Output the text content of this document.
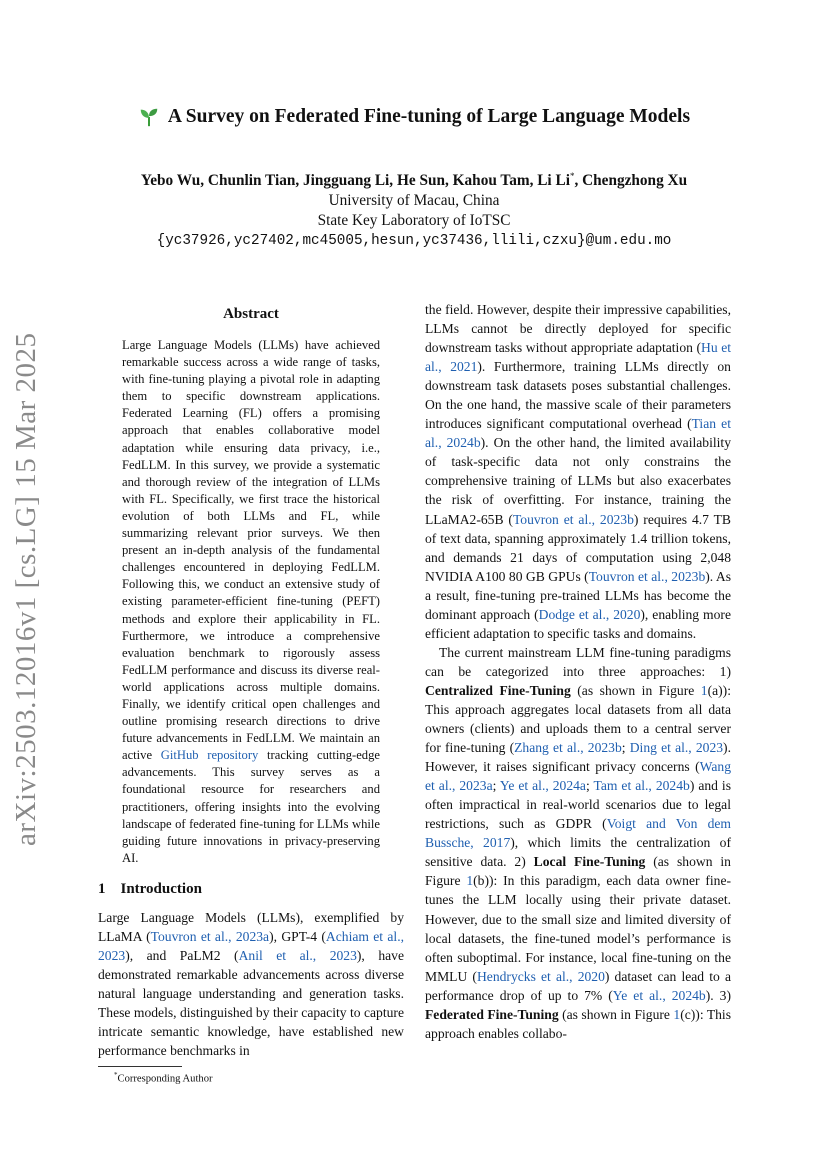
arXiv:2503.12016v1 [cs.LG] 15 Mar 2025
A Survey on Federated Fine-tuning of Large Language Models
Yebo Wu, Chunlin Tian, Jingguang Li, He Sun, Kahou Tam, Li Li*, Chengzhong Xu
University of Macau, China
State Key Laboratory of IoTSC
{yc37926,yc27402,mc45005,hesun,yc37436,llili,czxu}@um.edu.mo
Abstract
Large Language Models (LLMs) have achieved remarkable success across a wide range of tasks, with fine-tuning playing a pivotal role in adapting them to specific downstream applications. Federated Learning (FL) offers a promising approach that enables collaborative model adaptation while ensuring data privacy, i.e., FedLLM. In this survey, we provide a systematic and thorough review of the integration of LLMs with FL. Specifically, we first trace the historical evolution of both LLMs and FL, while summarizing relevant prior surveys. We then present an in-depth analysis of the fundamental challenges encountered in deploying FedLLM. Following this, we conduct an extensive study of existing parameter-efficient fine-tuning (PEFT) methods and explore their applicability in FL. Furthermore, we introduce a comprehensive evaluation benchmark to rigorously assess FedLLM performance and discuss its diverse real-world applications across multiple domains. Finally, we identify critical open challenges and outline promising research directions to drive future advancements in FedLLM. We maintain an active GitHub repository tracking cutting-edge advancements. This survey serves as a foundational resource for researchers and practitioners, offering insights into the evolving landscape of federated fine-tuning for LLMs while guiding future innovations in privacy-preserving AI.
1 Introduction

Large Language Models (LLMs), exemplified by LLaMA (Touvron et al., 2023a), GPT-4 (Achiam et al., 2023), and PaLM2 (Anil et al., 2023), have demonstrated remarkable advancements across diverse natural language understanding and generation tasks. These models, distinguished by their capacity to capture intricate semantic knowledge, have established new performance benchmarks in

*Corresponding Author

the field. However, despite their impressive capabilities, LLMs cannot be directly deployed for specific downstream tasks without appropriate adaptation (Hu et al., 2021). Furthermore, training LLMs directly on downstream task datasets poses substantial challenges. On the one hand, the massive scale of their parameters introduces significant computational overhead (Tian et al., 2024b). On the other hand, the limited availability of task-specific data not only constrains the comprehensive training of LLMs but also exacerbates the risk of overfitting. For instance, training the LLaMA2-65B (Touvron et al., 2023b) requires 4.7 TB of text data, spanning approximately 1.4 trillion tokens, and demands 21 days of computation using 2,048 NVIDIA A100 80 GB GPUs (Touvron et al., 2023b). As a result, fine-tuning pre-trained LLMs has become the dominant approach (Dodge et al., 2020), enabling more efficient adaptation to specific tasks and domains.

The current mainstream LLM fine-tuning paradigms can be categorized into three approaches: 1) Centralized Fine-Tuning (as shown in Figure 1(a)): This approach aggregates local datasets from all data owners (clients) and uploads them to a central server for fine-tuning (Zhang et al., 2023b; Ding et al., 2023). However, it raises significant privacy concerns (Wang et al., 2023a; Ye et al., 2024a; Tam et al., 2024b) and is often impractical in real-world scenarios due to legal restrictions, such as GDPR (Voigt and Von dem Bussche, 2017), which limits the centralization of sensitive data. 2) Local Fine-Tuning (as shown in Figure 1(b)): In this paradigm, each data owner fine-tunes the LLM locally using their private dataset. However, due to the small size and limited diversity of local datasets, the fine-tuned model’s performance is often suboptimal. For instance, local fine-tuning on the MMLU (Hendrycks et al., 2020) dataset can lead to a performance drop of up to 7% (Ye et al., 2024b). 3) Federated Fine-Tuning (as shown in Figure 1(c)): This approach enables collabo-
